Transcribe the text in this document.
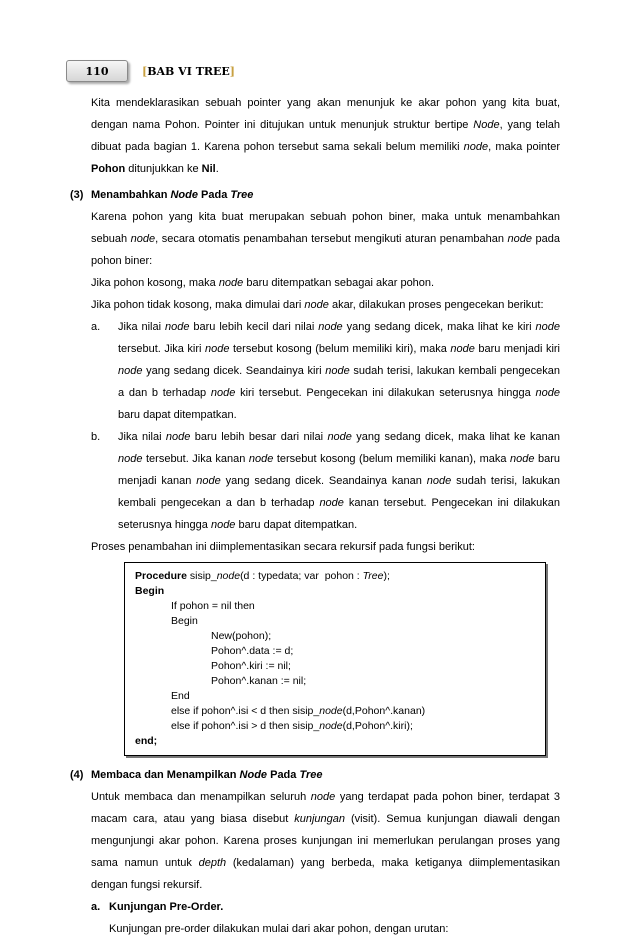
110	[BAB VI TREE]

Kita mendeklarasikan sebuah pointer yang akan menunjuk ke akar pohon yang kita buat, dengan nama Pohon. Pointer ini ditujukan untuk menunjuk struktur bertipe Node, yang telah dibuat pada bagian 1. Karena pohon tersebut sama sekali belum memiliki node, maka pointer Pohon ditunjukkan ke Nil.

(3) Menambahkan Node Pada Tree

Karena pohon yang kita buat merupakan sebuah pohon biner, maka untuk menambahkan sebuah node, secara otomatis penambahan tersebut mengikuti aturan penambahan node pada pohon biner:

Jika pohon kosong, maka node baru ditempatkan sebagai akar pohon.

Jika pohon tidak kosong, maka dimulai dari node akar, dilakukan proses pengecekan berikut:

a.	Jika nilai node baru lebih kecil dari nilai node yang sedang dicek, maka lihat ke kiri node tersebut. Jika kiri node tersebut kosong (belum memiliki kiri), maka node baru menjadi kiri node yang sedang dicek. Seandainya kiri node sudah terisi, lakukan kembali pengecekan a dan b terhadap node kiri tersebut. Pengecekan ini dilakukan seterusnya hingga node baru dapat ditempatkan.
b.	Jika nilai node baru lebih besar dari nilai node yang sedang dicek, maka lihat ke kanan node tersebut. Jika kanan node tersebut kosong (belum memiliki kanan), maka node baru menjadi kanan node yang sedang dicek. Seandainya kanan node sudah terisi, lakukan kembali pengecekan a dan b terhadap node kanan tersebut. Pengecekan ini dilakukan seterusnya hingga node baru dapat ditempatkan.

Proses penambahan ini diimplementasikan secara rekursif pada fungsi berikut:

Procedure sisip_node(d : typedata; var  pohon : Tree);
Begin
If pohon = nil then
Begin
New(pohon);
Pohon^.data := d;
Pohon^.kiri := nil;
Pohon^.kanan := nil;
End
else if pohon^.isi < d then sisip_node(d,Pohon^.kanan)
else if pohon^.isi > d then sisip_node(d,Pohon^.kiri);
end;
(4) Membaca dan Menampilkan Node Pada Tree

Untuk membaca dan menampilkan seluruh node yang terdapat pada pohon biner, terdapat 3 macam cara, atau yang biasa disebut kunjungan (visit). Semua kunjungan diawali dengan mengunjungi akar pohon. Karena proses kunjungan ini memerlukan perulangan proses yang sama namun untuk depth (kedalaman) yang berbeda, maka ketiganya diimplementasikan dengan fungsi rekursif.

a. Kunjungan Pre-Order.

Kunjungan pre-order dilakukan mulai dari akar pohon, dengan urutan:
